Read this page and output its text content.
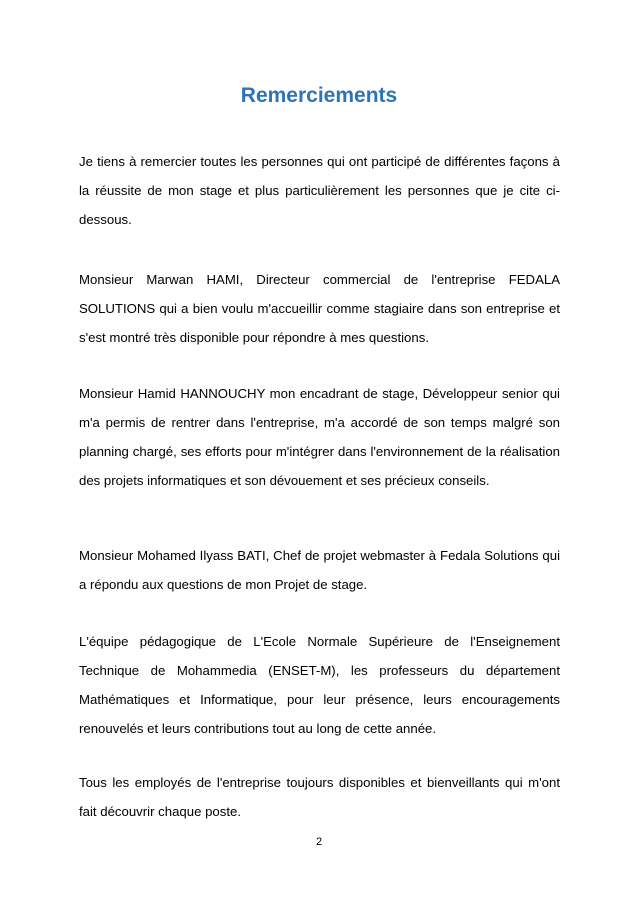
Remerciements

Je tiens à remercier toutes les personnes qui ont participé de différentes façons à la réussite de mon stage et plus particulièrement les personnes que je cite ci-dessous.

Monsieur Marwan HAMI, Directeur commercial de l'entreprise FEDALA SOLUTIONS qui a bien voulu m'accueillir comme stagiaire dans son entreprise et s'est montré très disponible pour répondre à mes questions.

Monsieur Hamid HANNOUCHY mon encadrant de stage, Développeur senior qui m'a permis de rentrer dans l'entreprise, m'a accordé de son temps malgré son planning chargé, ses efforts pour m'intégrer dans l'environnement de la réalisation des projets informatiques et son dévouement et ses précieux conseils.

Monsieur Mohamed Ilyass BATI, Chef de projet webmaster à Fedala Solutions qui a répondu aux questions de mon Projet de stage.

L'équipe pédagogique de L'Ecole Normale Supérieure de l'Enseignement Technique de Mohammedia (ENSET-M), les professeurs du département Mathématiques et Informatique, pour leur présence, leurs encouragements renouvelés et leurs contributions tout au long de cette année.

Tous les employés de l'entreprise toujours disponibles et bienveillants qui m'ont fait découvrir chaque poste.

2
